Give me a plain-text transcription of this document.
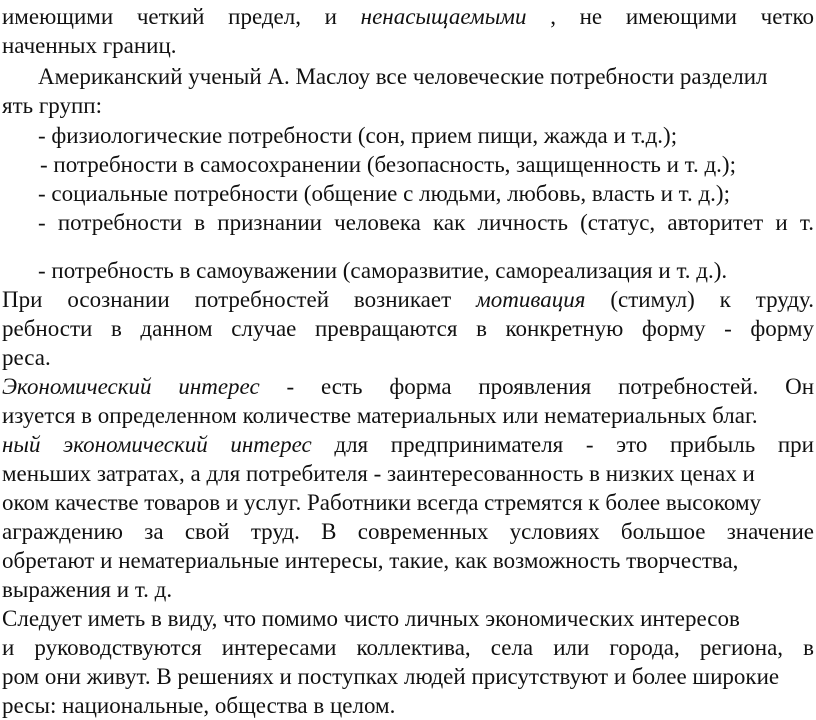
имеющими четкий предел, и ненасыщаемыми , не имеющими четко

наченных границ.

Американский ученый А. Маслоу все человеческие потребности разделил

ять групп:

- физиологические потребности (сон, прием пищи, жажда и т.д.);

- потребности в самосохранении (безопасность, защищенность и т. д.);

- социальные потребности (общение с людьми, любовь, власть и т. д.);

- потребности в признании человека как личность (статус, авторитет и т.

- потребность в самоуважении (саморазвитие, самореализация и т. д.).

При осознании потребностей возникает мотивация (стимул) к труду.

ребности в данном случае превращаются в конкретную форму - форму

реса.

Экономический интерес - есть форма проявления потребностей. Он

изуется в определенном количестве материальных или нематериальных благ.

ный экономический интерес для предпринимателя - это прибыль при

меньших затратах, а для потребителя - заинтересованность в низких ценах и

оком качестве товаров и услуг. Работники всегда стремятся к более высокому

аграждению за свой труд. В современных условиях большое значение

обретают и нематериальные интересы, такие, как возможность творчества,

выражения и т. д.

Следует иметь в виду, что помимо чисто личных экономических интересов

и руководствуются интересами коллектива, села или города, региона, в

ром они живут. В решениях и поступках людей присутствуют и более широкие

ресы: национальные, общества в целом.
